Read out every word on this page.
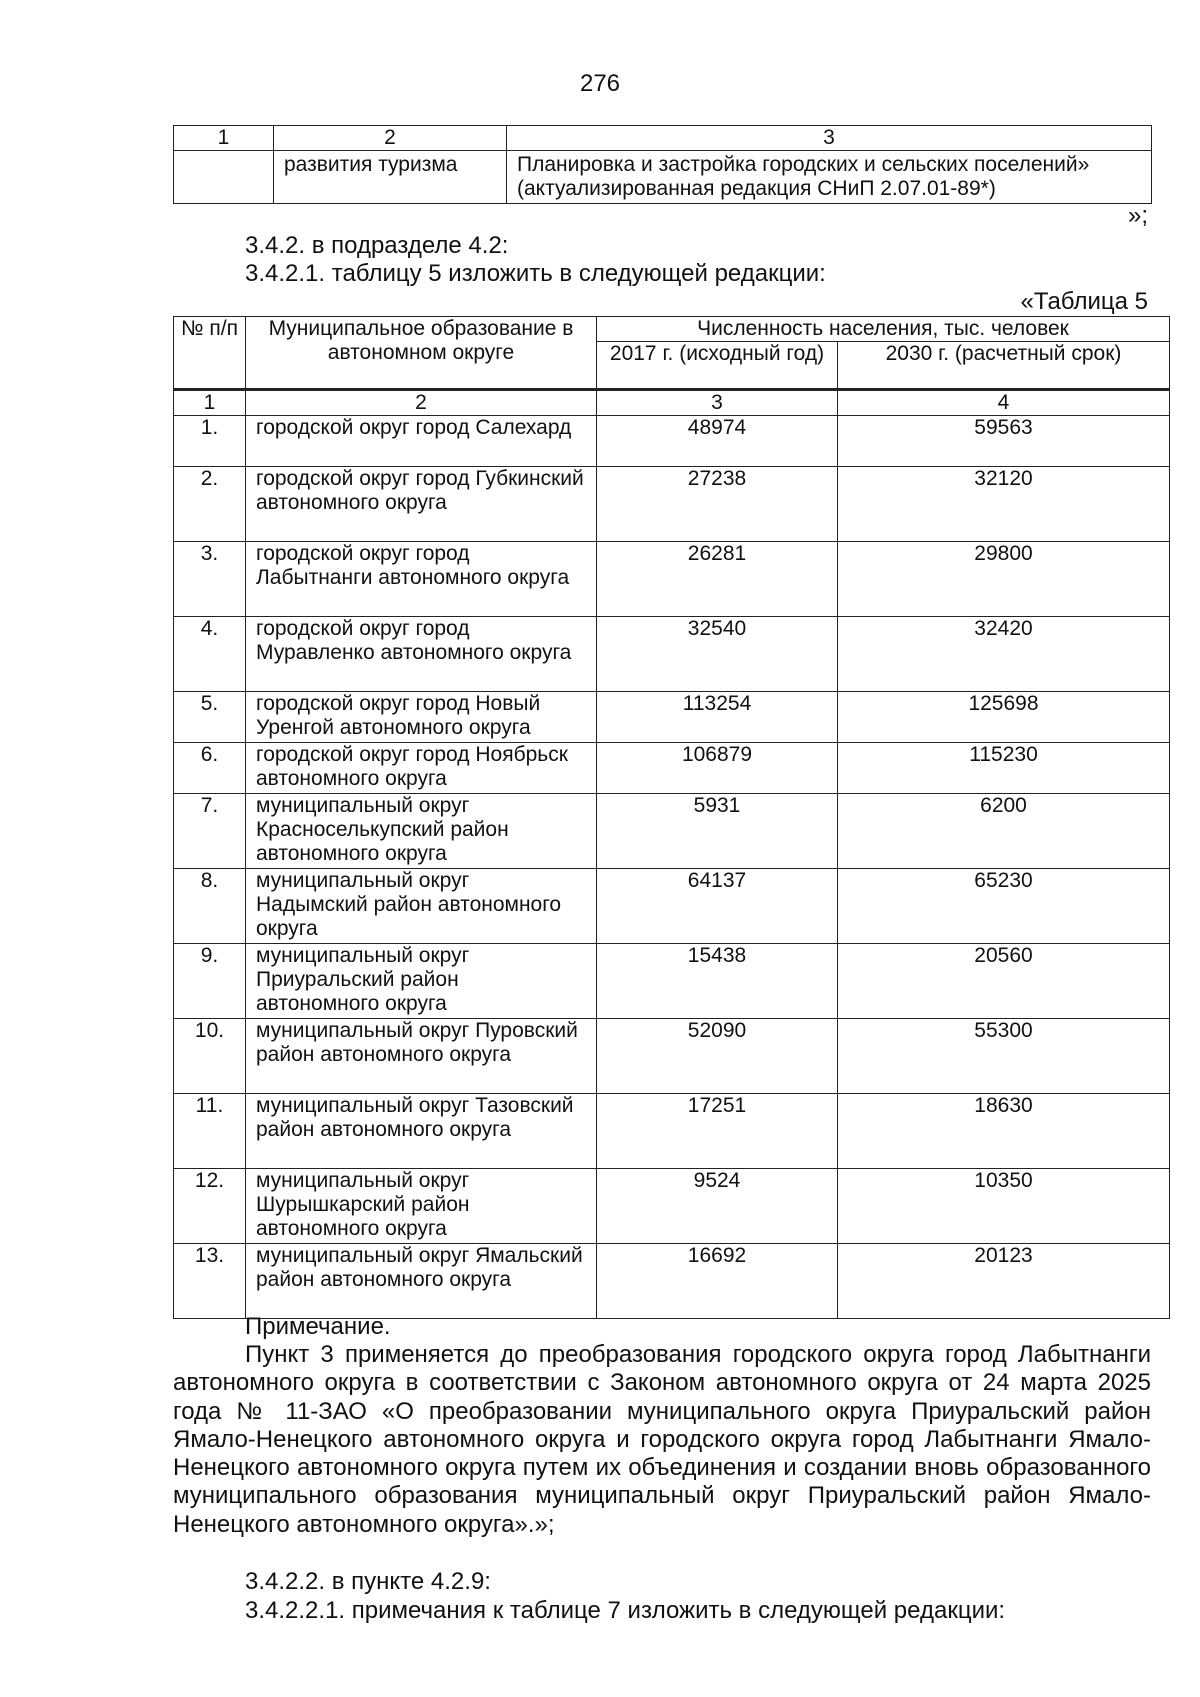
276
1	2	3
	развития туризма	Планировка и застройка городских и сельских поселений» (актуализированная редакция СНиП 2.07.01-89*)
»;
3.4.2. в подразделе 4.2:
3.4.2.1. таблицу 5 изложить в следующей редакции:
«Таблица 5
№ п/п	Муниципальное образование в автономном округе	Численность населения, тыс. человек	
		2017 г. (исходный год)	2030 г. (расчетный срок)
1	2	3	4
1.	городской округ город Салехард	48974	59563
2.	городской округ город Губкинский автономного округа	27238	32120
3.	городской округ город Лабытнанги автономного округа	26281	29800
4.	городской округ город Муравленко автономного округа	32540	32420
5.	городской округ город Новый Уренгой автономного округа	113254	125698
6.	городской округ город Ноябрьск автономного округа	106879	115230
7.	муниципальный округ Красноселькупский район автономного округа	5931	6200
8.	муниципальный округ Надымский район автономного округа	64137	65230
9.	муниципальный округ Приуральский район автономного округа	15438	20560
10.	муниципальный округ Пуровский район автономного округа	52090	55300
11.	муниципальный округ Тазовский район автономного округа	17251	18630
12.	муниципальный округ Шурышкарский район автономного округа	9524	10350
13.	муниципальный округ Ямальский район автономного округа	16692	20123
Примечание.
Пункт 3 применяется до преобразования городского округа город Лабытнанги автономного округа в соответствии с Законом автономного округа от 24 марта 2025 года № 11-ЗАО «О преобразовании муниципального округа Приуральский район Ямало-Ненецкого автономного округа и городского округа город Лабытнанги Ямало-Ненецкого автономного округа путем их объединения и создании вновь образованного муниципального образования муниципальный округ Приуральский район Ямало-Ненецкого автономного округа».»;
3.4.2.2. в пункте 4.2.9:
3.4.2.2.1. примечания к таблице 7 изложить в следующей редакции:
